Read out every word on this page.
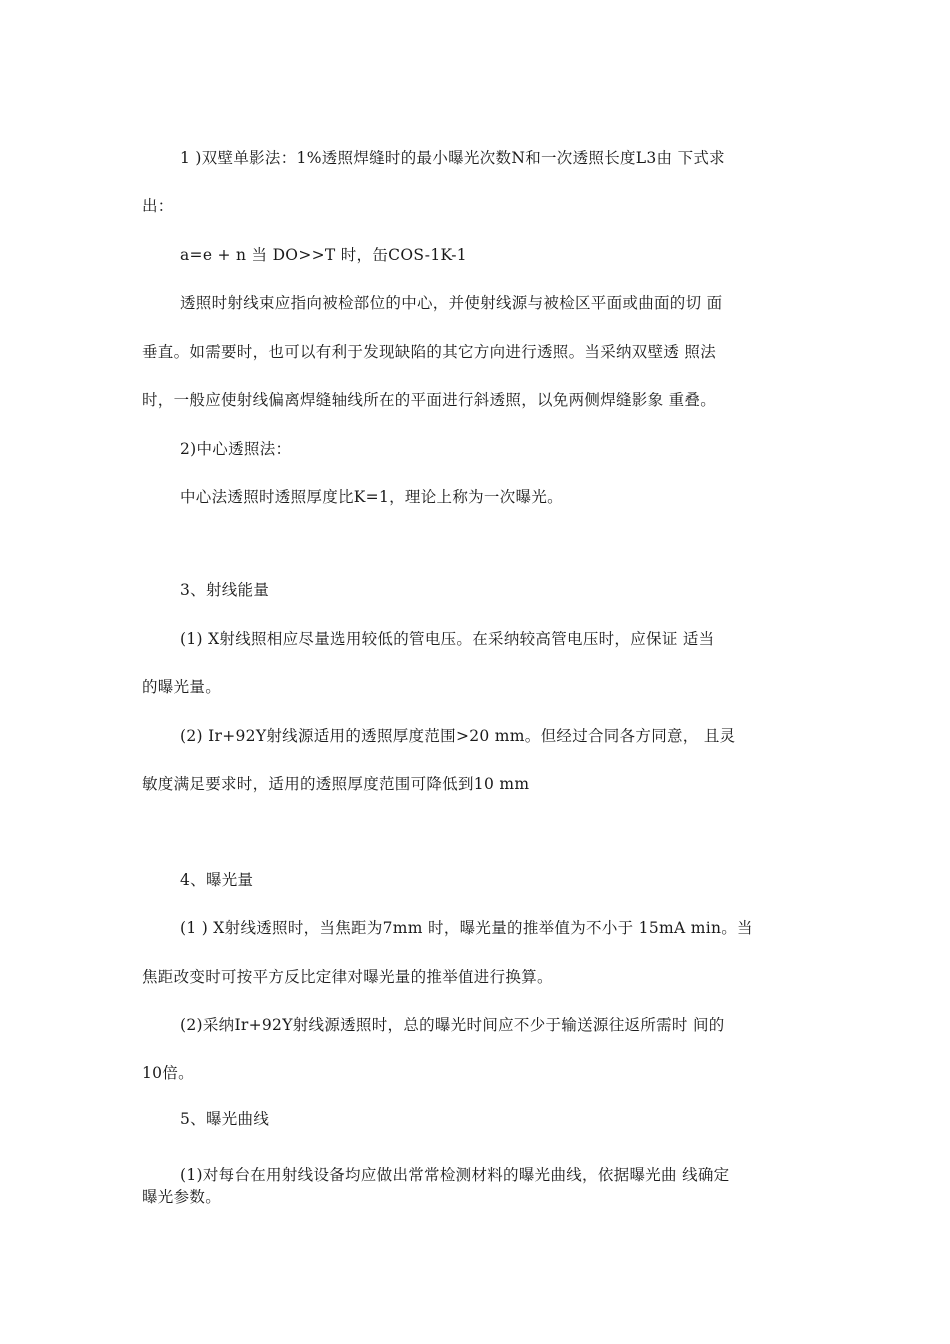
1 )双壁单影法：1%透照焊缝时的最小曝光次数N和一次透照长度L3由 下式求
出：
a=e + n 当 DO>>T 时，缶COS-1K-1
透照时射线束应指向被检部位的中心，并使射线源与被检区平面或曲面的切 面
垂直。如需要时，也可以有利于发现缺陷的其它方向进行透照。当采纳双壁透 照法
时，一般应使射线偏离焊缝轴线所在的平面进行斜透照，以免两侧焊缝影象 重叠。
2)中心透照法：
中心法透照时透照厚度比K=1，理论上称为一次曝光。
3、射线能量
(1) X射线照相应尽量选用较低的管电压。在采纳较高管电压时，应保证 适当
的曝光量。
(2) Ir+92Y射线源适用的透照厚度范围>20 mm。但经过合同各方同意， 且灵
敏度满足要求时，适用的透照厚度范围可降低到10 mm
4、曝光量
(1 ) X射线透照时，当焦距为7mm 时，曝光量的推举值为不小于 15mA min。当
焦距改变时可按平方反比定律对曝光量的推举值进行换算。
(2)采纳Ir+92Y射线源透照时，总的曝光时间应不少于输送源往返所需时 间的
10倍。
5、曝光曲线
(1)对每台在用射线设备均应做出常常检测材料的曝光曲线，依据曝光曲 线确定
曝光参数。
